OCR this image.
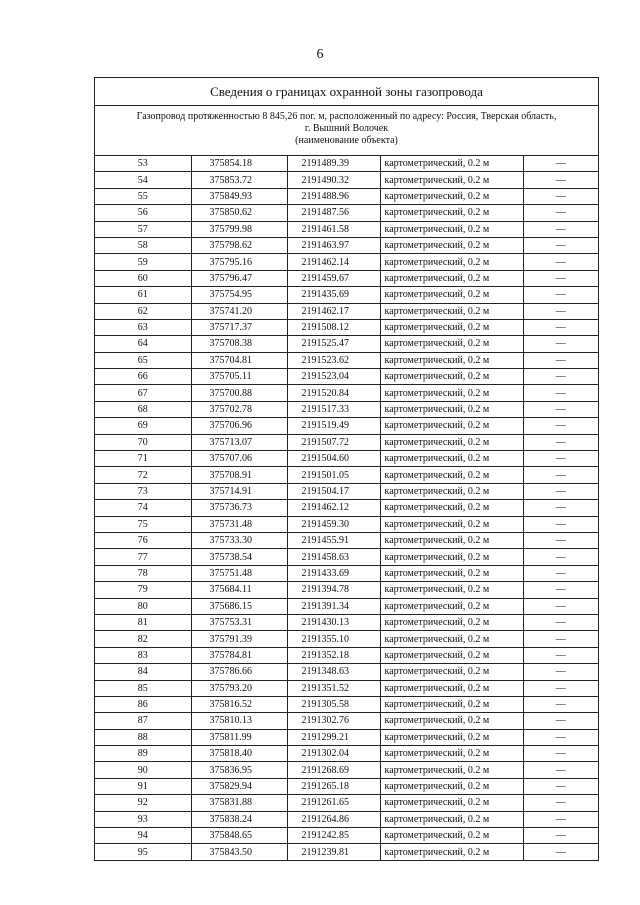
6
Сведения о границах охранной зоны газопровода
Газопровод протяженностью 8 845,26 пог. м, расположенный по адресу: Россия, Тверская область,
г. Вышний Волочек
(наименование объекта)
53	375854.18	2191489.39	картометрический, 0.2 м	—
54	375853.72	2191490.32	картометрический, 0.2 м	—
55	375849.93	2191488.96	картометрический, 0.2 м	—
56	375850.62	2191487.56	картометрический, 0.2 м	—
57	375799.98	2191461.58	картометрический, 0.2 м	—
58	375798.62	2191463.97	картометрический, 0.2 м	—
59	375795.16	2191462.14	картометрический, 0.2 м	—
60	375796.47	2191459.67	картометрический, 0.2 м	—
61	375754.95	2191435.69	картометрический, 0.2 м	—
62	375741.20	2191462.17	картометрический, 0.2 м	—
63	375717.37	2191508.12	картометрический, 0.2 м	—
64	375708.38	2191525.47	картометрический, 0.2 м	—
65	375704.81	2191523.62	картометрический, 0.2 м	—
66	375705.11	2191523.04	картометрический, 0.2 м	—
67	375700.88	2191520.84	картометрический, 0.2 м	—
68	375702.78	2191517.33	картометрический, 0.2 м	—
69	375706.96	2191519.49	картометрический, 0.2 м	—
70	375713.07	2191507.72	картометрический, 0.2 м	—
71	375707.06	2191504.60	картометрический, 0.2 м	—
72	375708.91	2191501.05	картометрический, 0.2 м	—
73	375714.91	2191504.17	картометрический, 0.2 м	—
74	375736.73	2191462.12	картометрический, 0.2 м	—
75	375731.48	2191459.30	картометрический, 0.2 м	—
76	375733.30	2191455.91	картометрический, 0.2 м	—
77	375738.54	2191458.63	картометрический, 0.2 м	—
78	375751.48	2191433.69	картометрический, 0.2 м	—
79	375684.11	2191394.78	картометрический, 0.2 м	—
80	375686.15	2191391.34	картометрический, 0.2 м	—
81	375753.31	2191430.13	картометрический, 0.2 м	—
82	375791.39	2191355.10	картометрический, 0.2 м	—
83	375784.81	2191352.18	картометрический, 0.2 м	—
84	375786.66	2191348.63	картометрический, 0.2 м	—
85	375793.20	2191351.52	картометрический, 0.2 м	—
86	375816.52	2191305.58	картометрический, 0.2 м	—
87	375810.13	2191302.76	картометрический, 0.2 м	—
88	375811.99	2191299.21	картометрический, 0.2 м	—
89	375818.40	2191302.04	картометрический, 0.2 м	—
90	375836.95	2191268.69	картометрический, 0.2 м	—
91	375829.94	2191265.18	картометрический, 0.2 м	—
92	375831.88	2191261.65	картометрический, 0.2 м	—
93	375838.24	2191264.86	картометрический, 0.2 м	—
94	375848.65	2191242.85	картометрический, 0.2 м	—
95	375843.50	2191239.81	картометрический, 0.2 м	—
